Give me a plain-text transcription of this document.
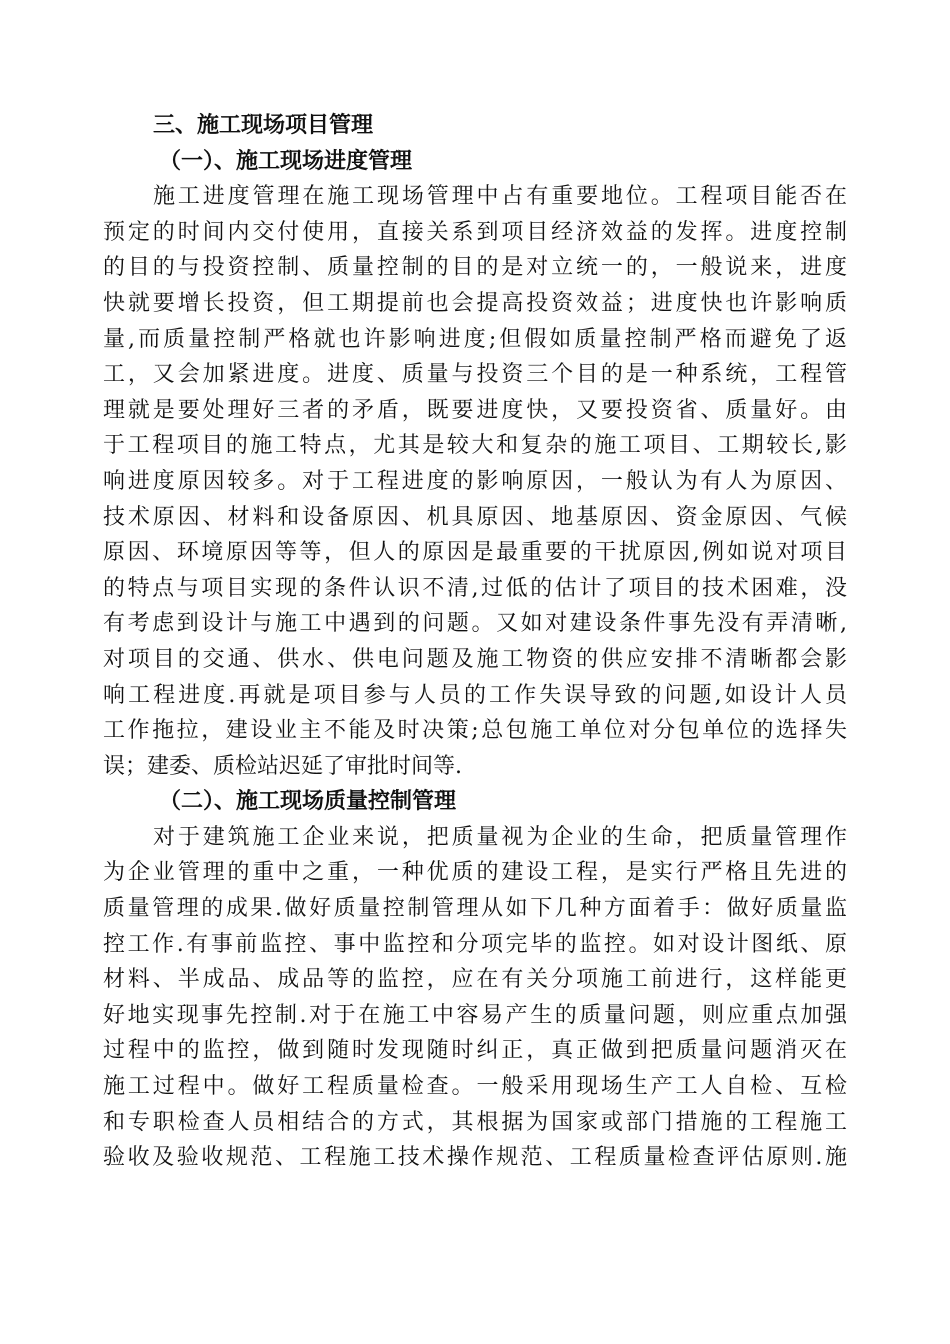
三、施工现场项目管理
（一）、施工现场进度管理
施工进度管理在施工现场管理中占有重要地位。工程项目能否在
预定的时间内交付使用，直接关系到项目经济效益的发挥。进度控制
的目的与投资控制、质量控制的目的是对立统一的，一般说来，进度
快就要增长投资，但工期提前也会提高投资效益；进度快也许影响质
量,而质量控制严格就也许影响进度;但假如质量控制严格而避免了返
工，又会加紧进度。进度、质量与投资三个目的是一种系统，工程管
理就是要处理好三者的矛盾，既要进度快，又要投资省、质量好。由
于工程项目的施工特点，尤其是较大和复杂的施工项目、工期较长,影
响进度原因较多。对于工程进度的影响原因，一般认为有人为原因、
技术原因、材料和设备原因、机具原因、地基原因、资金原因、气候
原因、环境原因等等，但人的原因是最重要的干扰原因,例如说对项目
的特点与项目实现的条件认识不清,过低的估计了项目的技术困难，没
有考虑到设计与施工中遇到的问题。又如对建设条件事先没有弄清晰,
对项目的交通、供水、供电问题及施工物资的供应安排不清晰都会影
响工程进度.再就是项目参与人员的工作失误导致的问题,如设计人员
工作拖拉，建设业主不能及时决策;总包施工单位对分包单位的选择失
误；建委、质检站迟延了审批时间等.
（二）、施工现场质量控制管理
对于建筑施工企业来说，把质量视为企业的生命，把质量管理作
为企业管理的重中之重，一种优质的建设工程，是实行严格且先进的
质量管理的成果.做好质量控制管理从如下几种方面着手：做好质量监
控工作.有事前监控、事中监控和分项完毕的监控。如对设计图纸、原
材料、半成品、成品等的监控，应在有关分项施工前进行，这样能更
好地实现事先控制.对于在施工中容易产生的质量问题，则应重点加强
过程中的监控，做到随时发现随时纠正，真正做到把质量问题消灭在
施工过程中。做好工程质量检查。一般采用现场生产工人自检、互检
和专职检查人员相结合的方式，其根据为国家或部门措施的工程施工
验收及验收规范、工程施工技术操作规范、工程质量检查评估原则.施
